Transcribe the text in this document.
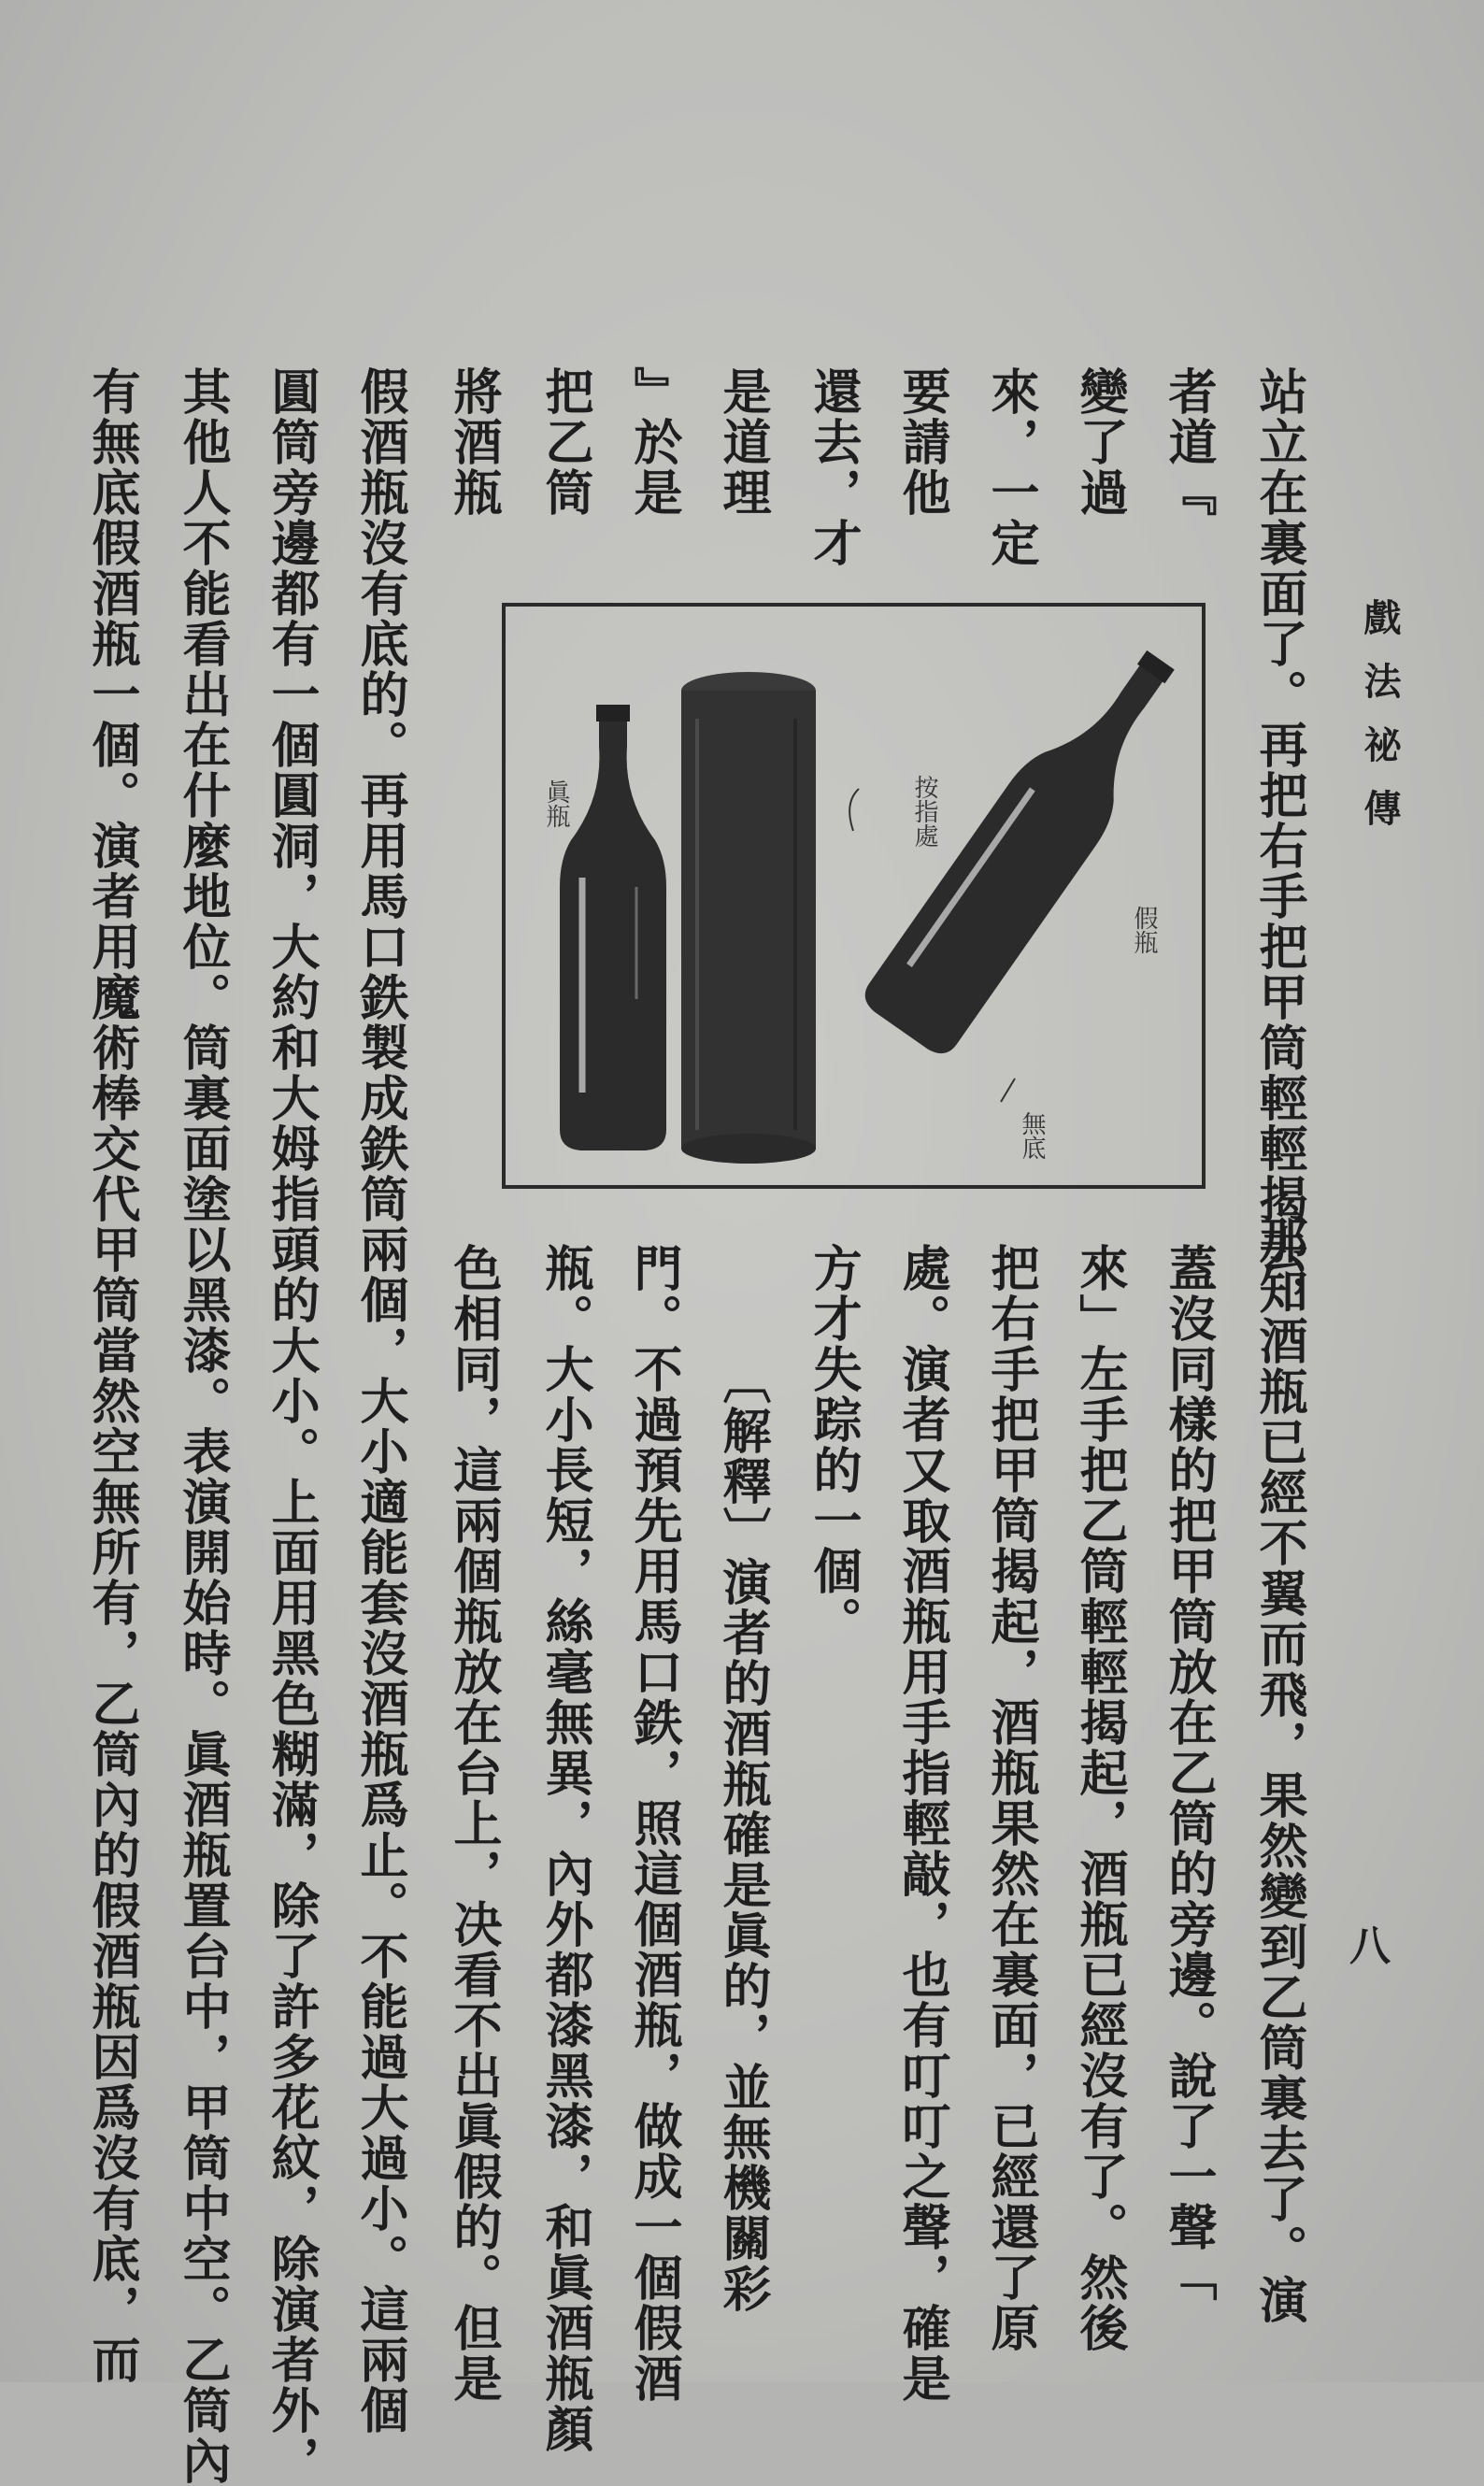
戲法祕傳
八
站立在裏面了。再把右手把甲筒輕輕揭去，
者道『
變了過
來，一定
要請他
還去，才
是道理
』於是
把乙筒
將酒瓶
那知酒瓶已經不翼而飛，果然變到乙筒裏去了。演
蓋沒同樣的把甲筒放在乙筒的旁邊。說了一聲「
來」左手把乙筒輕輕揭起，酒瓶已經沒有了。然後
把右手把甲筒揭起，酒瓶果然在裏面，已經還了原
處。演者又取酒瓶用手指輕敲，也有叮叮之聲，確是
方才失踪的一個。
〔解釋〕演者的酒瓶確是眞的，並無機關彩
門。不過預先用馬口鉄，照這個酒瓶，做成一個假酒
瓶。大小長短，絲毫無異，內外都漆黑漆，和眞酒瓶顏
色相同，這兩個瓶放在台上，决看不出眞假的。但是
假酒瓶沒有底的。再用馬口鉄製成鉄筒兩個，大小適能套沒酒瓶爲止。不能過大過小。這兩個
圓筒旁邊都有一個圓洞，大約和大姆指頭的大小。上面用黑色糊滿，除了許多花紋，除演者外，
其他人不能看出在什麼地位。筒裏面塗以黑漆。表演開始時。眞酒瓶置台中，甲筒中空。乙筒內
有無底假酒瓶一個。演者用魔術棒交代甲筒當然空無所有，乙筒內的假酒瓶因爲沒有底，而	眞瓶	按指處
假瓶
無底
